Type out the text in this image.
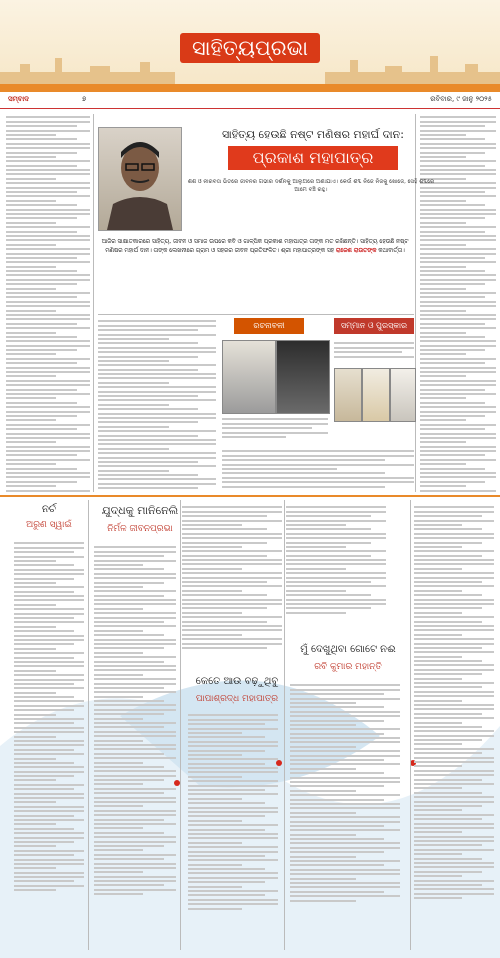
ସାହିତ୍ୟପ୍ରଭା
ସମ୍ବାଦ	୭	ରବିବାର, ୯ ଜାନୁ ୨୦୨୫
ସାହିତ୍ୟ ହେଉଛି ନଷ୍ଟ ମଣିଷର ମହାର୍ଘ ଦାନ:
ପ୍ରକାଶ ମହାପାତ୍ର
ଶଶ ଓ ନୀରବତା ଭିତରେ ଜୀବନର ଗଭୀର ଦର୍ଶନକୁ ଆଲୁଅରେ ଅଣାଯାଏ। କେଉଁ ଶବ୍ଦ ନିଜେ ନିଜକୁ ଖୋଜେ, ସେହି ଶବ୍ଦରେ ଆମେ ବଞ୍ଚି ରହୁ।
ଆଜିର ସାକ୍ଷାତକାରରେ ସାହିତ୍ୟ, ଜୀବନ ଓ ସମାଜ ଉପରେ କବି ଓ ଗାଳ୍ପିକ ପ୍ରକାଶ ମହାପାତ୍ର ତାଙ୍କ ମତ ରଖିଛନ୍ତି। ସାହିତ୍ୟ ହେଉଛି ନଷ୍ଟ ମଣିଷର ମହାର୍ଘ ଦାନ। ତାଙ୍କ ଲେଖନୀରେ ଗ୍ରାମ ଓ ସହରର ଜୀବନ ପ୍ରତିଫଳିତ। ଶ୍ରୀ ମହାପାତ୍ରଙ୍କ ସହ ରାଜେଶ ରାଉତଙ୍କ କଥାବାର୍ତ୍ତା।
ରଚନାବଳୀ	ସମ୍ମାନ ଓ ପୁରସ୍କାର
ନର୍ଚ
ଅରୁଣ ସ୍ୱାଇଁ
ଯୁଦ୍ଧକୁ ମାନିନେଲି
ନିର୍ମଳ ଜୀବନପ୍ରଭା
କେତେ ଆଉ ବଢ଼ୁଥିବୁ
ପାପାଶ୍ରଦ୍ଧ ମହାପାତ୍ର
ମୁଁ ଦେଖୁଥିବା ଗୋଟେ ନଈ
ରବି କୁମାର ମହାନ୍ତି
